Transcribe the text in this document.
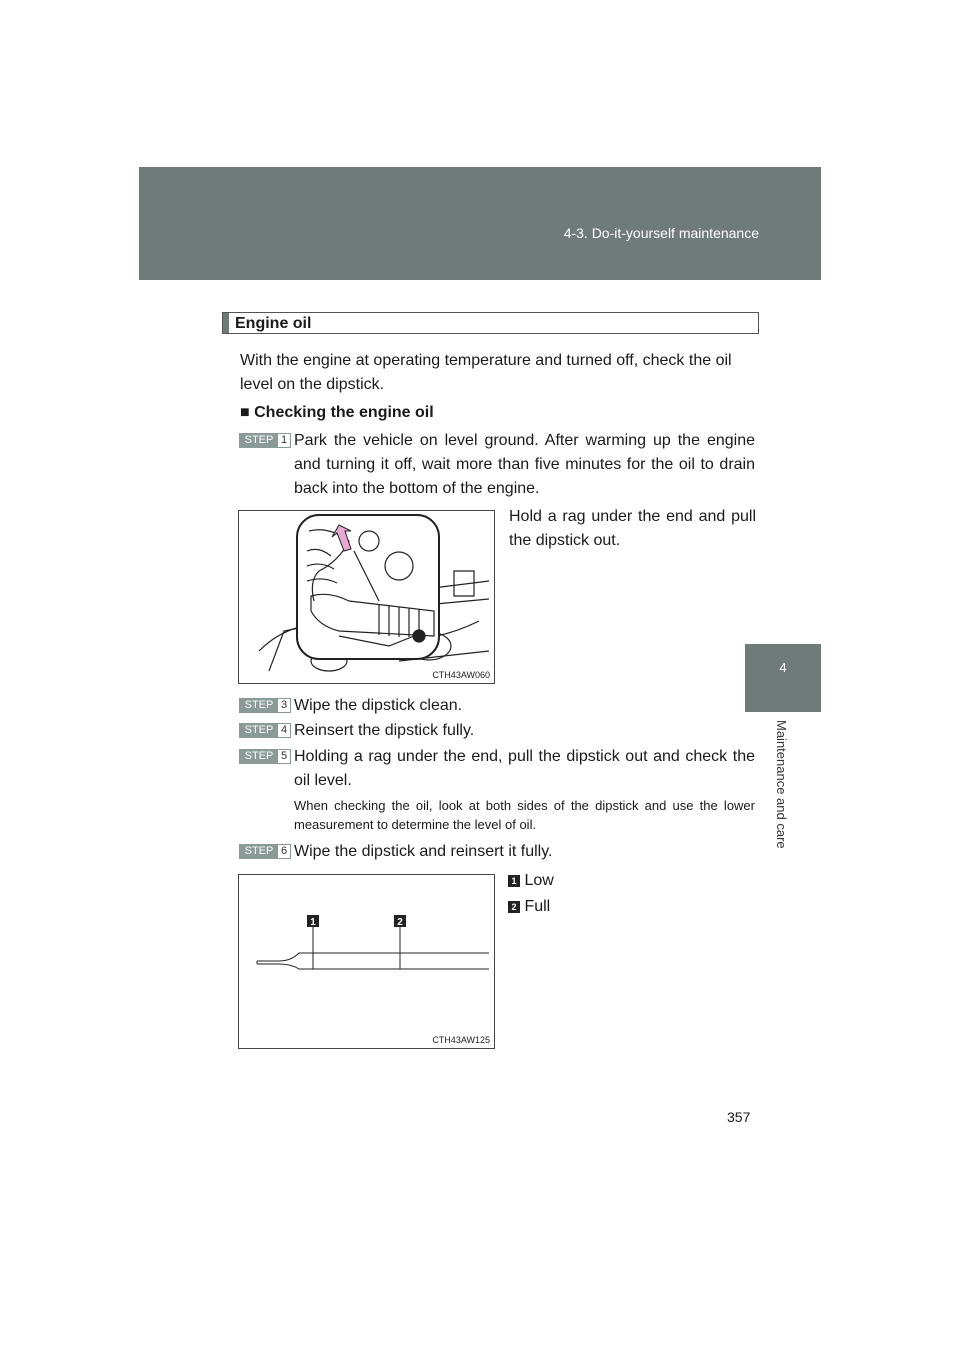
4-3. Do-it-yourself maintenance
4
Maintenance and care
Engine oil
With the engine at operating temperature and turned off, check the oil level on the dipstick.
■ Checking the engine oil
STEP 1 Park the vehicle on level ground. After warming up the engine and turning it off, wait more than five minutes for the oil to drain back into the bottom of the engine.
Hold a rag under the end and pull the dipstick out.
CTH43AW060
STEP 3 Wipe the dipstick clean.
STEP 4 Reinsert the dipstick fully.
STEP 5 Holding a rag under the end, pull the dipstick out and check the oil level.
When checking the oil, look at both sides of the dipstick and use the lower measurement to determine the level of oil.
STEP 6 Wipe the dipstick and reinsert it fully.
1	2
CTH43AW125
1 Low
2 Full
357
